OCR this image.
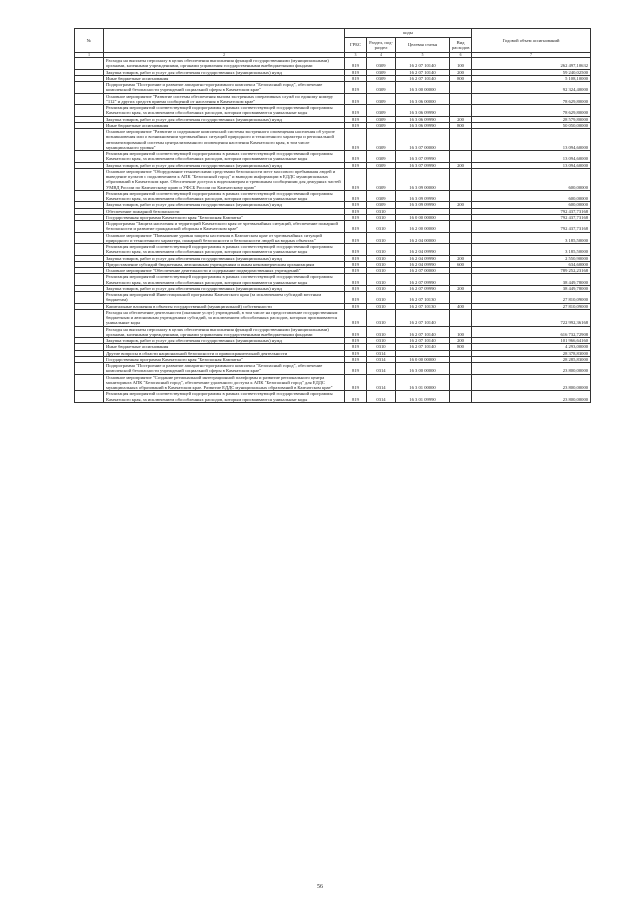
№		коды				Годовой объем ассигнований
		ГРБС	Раздел, под-раздел	Целевая статья	Вид расходов	
1	2	3	4	5	6	7
	Расходы на выплаты персоналу в целях обеспечения выполнения функций государственными (муниципальными) органами, казенными учреждениями, органами управления государственными внебюджетными фондами	819	0309	16 2 07 10140	100	262 497,10632
	Закупка товаров, работ и услуг для обеспечения государственных (муниципальных) нужд	819	0309	16 2 07 10140	200	59 240,02500
	Иные бюджетные ассигнования	819	0309	16 2 07 10140	800	5 108,10000
	Подпрограмма "Построение и развитие аппаратно-программного комплекса "Безопасный город", обеспечение комплексной безопасности учреждений социальной сферы в Камчатском крае"	819	0309	16 3 00 00000		92 324,40000
	Основное мероприятие "Развитие системы обеспечения вызова экстренных оперативных служб по единому номеру "112" и других средств приема сообщений от населения в Камчатском крае"	819	0309	16 3 06 00000		78 629,80000
	Реализация мероприятий соответствующей подпрограммы в рамках соответствующей государственной программы Камчатского края, за исключением обособленных расходов, которым присваиваются уникальные коды	819	0309	16 3 06 09990		78 629,80000
	Закупка товаров, работ и услуг для обеспечения государственных (муниципальных) нужд	819	0309	16 3 06 09990	200	28 579,80000
	Иные бюджетные ассигнования	819	0309	16 3 06 09990	800	50 050,00000
	Основное мероприятие "Развитие и содержание комплексной системы экстренного оповещения населения об угрозе возникновения или о возникновении чрезвычайных ситуаций природного и техногенного характера и региональной автоматизированной системы централизованного оповещения населения Камчатского края, в том числе муниципального уровня"	819	0309	16 3 07 00000		13 094,60000
	Реализация мероприятий соответствующей подпрограммы в рамках соответствующей государственной программы Камчатского края, за исключением обособленных расходов, которым присваиваются уникальные коды	819	0309	16 3 07 09990		13 094,60000
	Закупка товаров, работ и услуг для обеспечения государственных (муниципальных) нужд	819	0309	16 3 07 09990	200	13 094,60000
	Основное мероприятие "Оборудование техническими средствами безопасности мест массового пребывания людей и выведение пультов с подключением к АПК "Безопасный город" и выводом информации в ЕДДС муниципальных образований в Камчатском крае. Обеспечение доступа к видеокамерам и тревожным сообщениям для дежурных частей УМВД России по Камчатскому краю и УФСБ России по Камчатскому краю"	819	0309	16 3 09 00000		600,00000
	Реализация мероприятий соответствующей подпрограммы в рамках соответствующей государственной программы Камчатского края, за исключением обособленных расходов, которым присваиваются уникальные коды	819	0309	16 3 09 09990		600,00000
	Закупка товаров, работ и услуг для обеспечения государственных (муниципальных) нужд	819	0309	16 3 09 09990	200	600,00000
	Обеспечение пожарной безопасности	819	0310			792 437,73168
	Государственная программа Камчатского края "Безопасная Камчатка"	819	0310	16 0 00 00000		792 437,73168
	Подпрограмма "Защита населения и территорий Камчатского края от чрезвычайных ситуаций, обеспечение пожарной безопасности и развитие гражданской обороны в Камчатском крае"	819	0310	16 2 00 00000		792 437,73168
	Основное мероприятие "Повышение уровня защиты населения в Камчатском крае от чрезвычайных ситуаций природного и техногенного характера, пожарной безопасности и безопасности людей на водных объектах"	819	0310	16 2 04 00000		3 185,50000
	Реализация мероприятий соответствующей подпрограммы в рамках соответствующей государственной программы Камчатского края, за исключением обособленных расходов, которым присваиваются уникальные коды	819	0310	16 2 04 09990		3 185,50000
	Закупка товаров, работ и услуг для обеспечения государственных (муниципальных) нужд	819	0310	16 2 04 09990	200	2 550,90000
	Предоставление субсидий бюджетным, автономным учреждениям и иным некоммерческим организациям	819	0310	16 2 04 09990	600	634,60000
	Основное мероприятие "Обеспечение деятельности и содержание подведомственных учреждений"	819	0310	16 2 07 00000		789 252,23168
	Реализация мероприятий соответствующей подпрограммы в рамках соответствующей государственной программы Камчатского края, за исключением обособленных расходов, которым присваиваются уникальные коды	819	0310	16 2 07 09990		38 449,78000
	Закупка товаров, работ и услуг для обеспечения государственных (муниципальных) нужд	819	0310	16 2 07 09990	200	38 449,78000
	Реализация мероприятий Инвестиционной программы Камчатского края (за исключением субсидий местным бюджетам)	819	0310	16 2 07 10130		27 810,09000
	Капитальные вложения в объекты государственной (муниципальной) собственности	819	0310	16 2 07 10130	400	27 810,09000
	Расходы на обеспечение деятельности (оказание услуг) учреждений, в том числе на предоставление государственным бюджетным и автономным учреждениям субсидий, за исключением обособленных расходов, которым присваиваются уникальные коды	819	0310	16 2 07 10140		722 992,36168
	Расходы на выплаты персоналу в целях обеспечения выполнения функций государственными (муниципальными) органами, казенными учреждениями, органами управления государственными внебюджетными фондами	819	0310	16 2 07 10140	100	616 732,72908
	Закупка товаров, работ и услуг для обеспечения государственных (муниципальных) нужд	819	0310	16 2 07 10140	200	101 966,64160
	Иные бюджетные ассигнования	819	0310	16 2 07 10140	800	4 293,00000
	Другие вопросы в области национальной безопасности и правоохранительной деятельности	819	0314			28 378,83000
	Государственная программа Камчатского края "Безопасная Камчатка"	819	0314	16 0 00 00000		28 285,83000
	Подпрограмма "Построение и развитие аппаратно-программного комплекса "Безопасный город", обеспечение комплексной безопасности учреждений социальной сферы в Камчатском крае"	819	0314	16 3 00 00000		23 800,00000
	Основное мероприятие "Создание региональной интеграционной платформы и развитие регионального центра мониторинга АПК "Безопасный город", обеспечение удаленного доступа к АПК "Безопасный город" для ЕДДС муниципальных образований в Камчатском крае. Развитие ЕДДС муниципальных образований в Камчатском крае"	819	0314	16 3 01 00000		23 800,00000
	Реализация мероприятий соответствующей подпрограммы в рамках соответствующей государственной программы Камчатского края, за исключением обособленных расходов, которым присваиваются уникальные коды	819	0314	16 3 01 09990		23 800,00000
56
